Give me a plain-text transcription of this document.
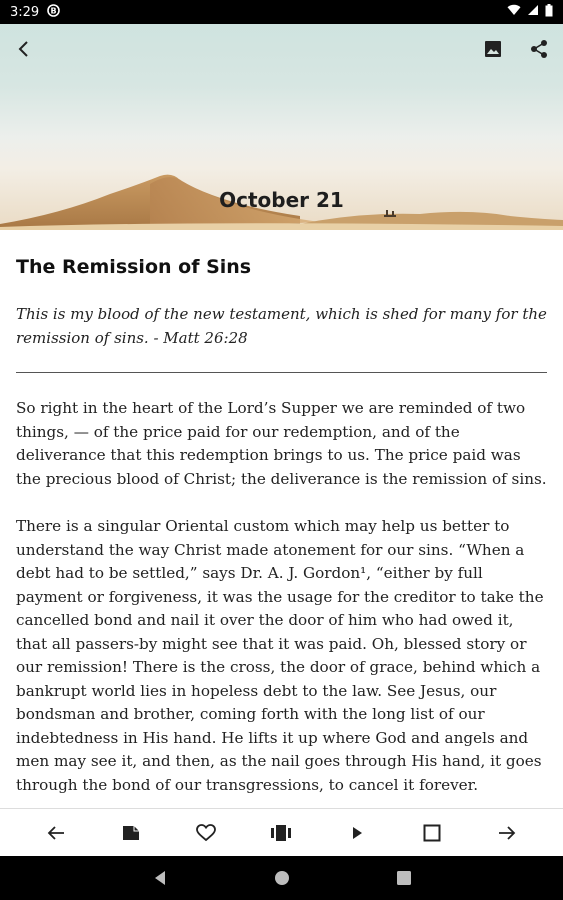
3:29 B
October 21
The Remission of Sins

This is my blood of the new testament, which is shed for many for the remission of sins. - Matt 26:28

So right in the heart of the Lord’s Supper we are reminded of two things, — of the price paid for our redemption, and of the deliverance that this redemption brings to us. The price paid was the precious blood of Christ; the deliverance is the remission of sins.

There is a singular Oriental custom which may help us better to understand the way Christ made atonement for our sins. “When a debt had to be settled,” says Dr. A. J. Gordon¹, “either by full payment or forgiveness, it was the usage for the creditor to take the cancelled bond and nail it over the door of him who had owed it, that all passers-by might see that it was paid. Oh, blessed story or our remission! There is the cross, the door of grace, behind which a bankrupt world lies in hopeless debt to the law. See Jesus, our bondsman and brother, coming forth with the long list of our indebtedness in His hand. He lifts it up where God and angels and men may see it, and then, as the nail goes through His hand, it goes through the bond of our transgressions, to cancel it forever.
